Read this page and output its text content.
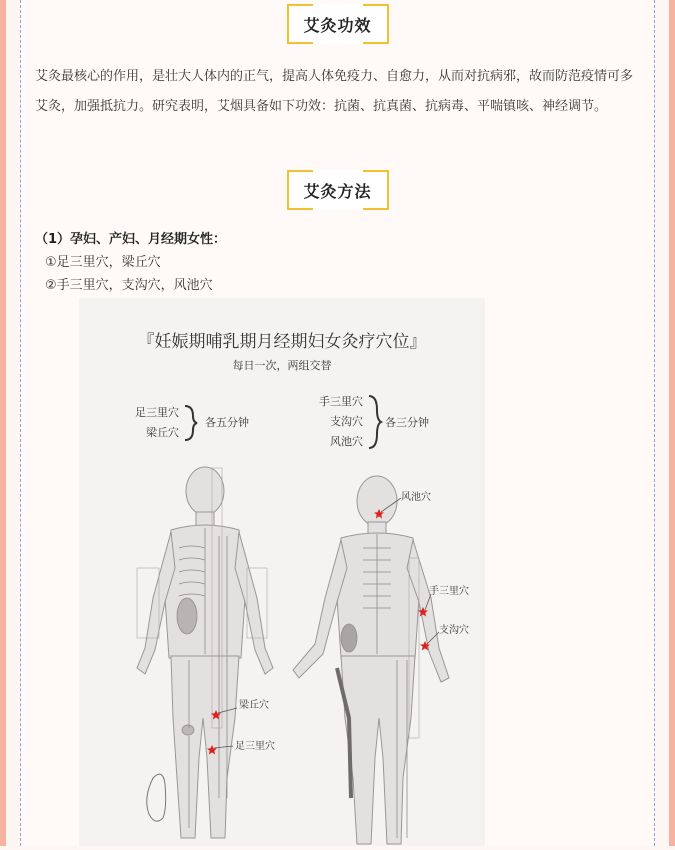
艾灸功效
艾灸最核心的作用，是壮大人体内的正气，提高人体免疫力、自愈力，从而对抗病邪，故而防范疫情可多艾灸，加强抵抗力。研究表明，艾烟具备如下功效：抗菌、抗真菌、抗病毒、平喘镇咳、神经调节。
艾灸方法
（1）孕妇、产妇、月经期女性：
①足三里穴，梁丘穴
②手三里穴，支沟穴，风池穴
『妊娠期哺乳期月经期妇女灸疗穴位』
每日一次，两组交替
足三里穴
梁丘穴
各五分钟
手三里穴
支沟穴
风池穴
各三分钟
风池穴
手三里穴
支沟穴
梁丘穴
足三里穴
